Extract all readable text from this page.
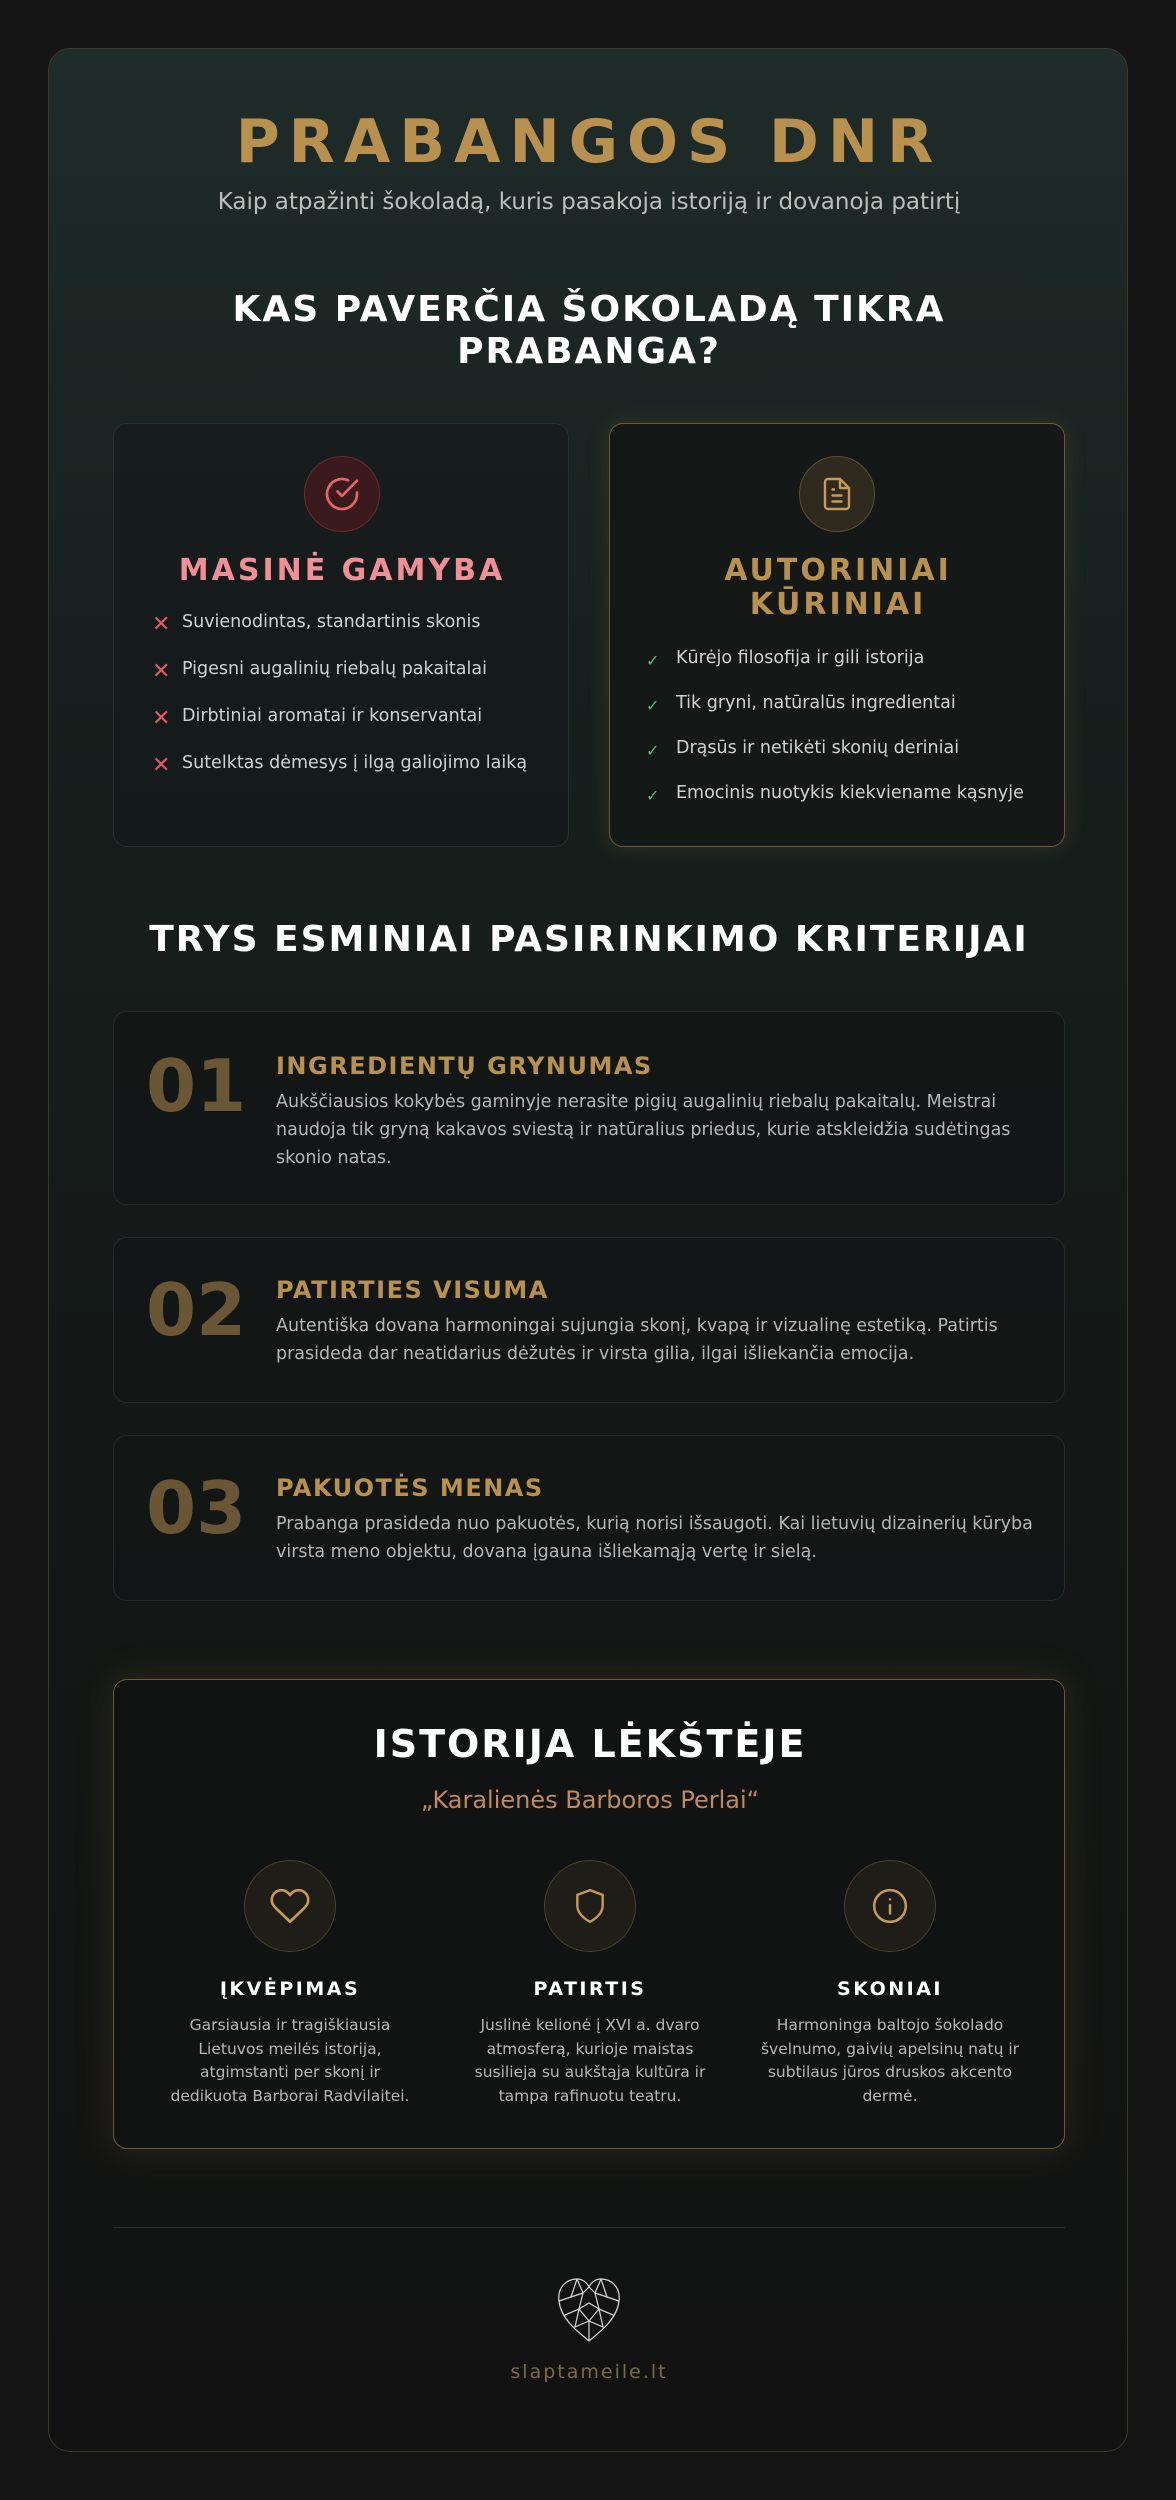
PRABANGOS DNR
Kaip atpažinti šokoladą, kuris pasakoja istoriją ir dovanoja patirtį
KAS PAVERČIA ŠOKOLADĄ TIKRA
PRABANGA?
MASINĖ GAMYBA
✕ Suvienodintas, standartinis skonis
✕ Pigesni augalinių riebalų pakaitalai
✕ Dirbtiniai aromatai ir konservantai
✕ Sutelktas dėmesys į ilgą galiojimo laiką
AUTORINIAI
KŪRINIAI
✓ Kūrėjo filosofija ir gili istorija
✓ Tik gryni, natūralūs ingredientai
✓ Drąsūs ir netikėti skonių deriniai
✓ Emocinis nuotykis kiekviename kąsnyje
TRYS ESMINIAI PASIRINKIMO KRITERIJAI
01 INGREDIENTŲ GRYNUMAS
Aukščiausios kokybės gaminyje nerasite pigių augalinių riebalų pakaitalų. Meistrai naudoja tik gryną kakavos sviestą ir natūralius priedus, kurie atskleidžia sudėtingas skonio natas.
02 PATIRTIES VISUMA
Autentiška dovana harmoningai sujungia skonį, kvapą ir vizualinę estetiką. Patirtis prasideda dar neatidarius dėžutės ir virsta gilia, ilgai išliekančia emocija.
03 PAKUOTĖS MENAS
Prabanga prasideda nuo pakuotės, kurią norisi išsaugoti. Kai lietuvių dizainerių kūryba virsta meno objektu, dovana įgauna išliekamąją vertę ir sielą.
ISTORIJA LĖKŠTĖJE
„Karalienės Barboros Perlai“
ĮKVĖPIMAS
Garsiausia ir tragiškiausia Lietuvos meilės istorija, atgimstanti per skonį ir dedikuota Barborai Radvilaitei.
PATIRTIS
Juslinė kelionė į XVI a. dvaro atmosferą, kurioje maistas susilieja su aukštąja kultūra ir tampa rafinuotu teatru.
SKONIAI
Harmoninga baltojo šokolado švelnumo, gaivių apelsinų natų ir subtilaus jūros druskos akcento dermė.
slaptameile.lt
